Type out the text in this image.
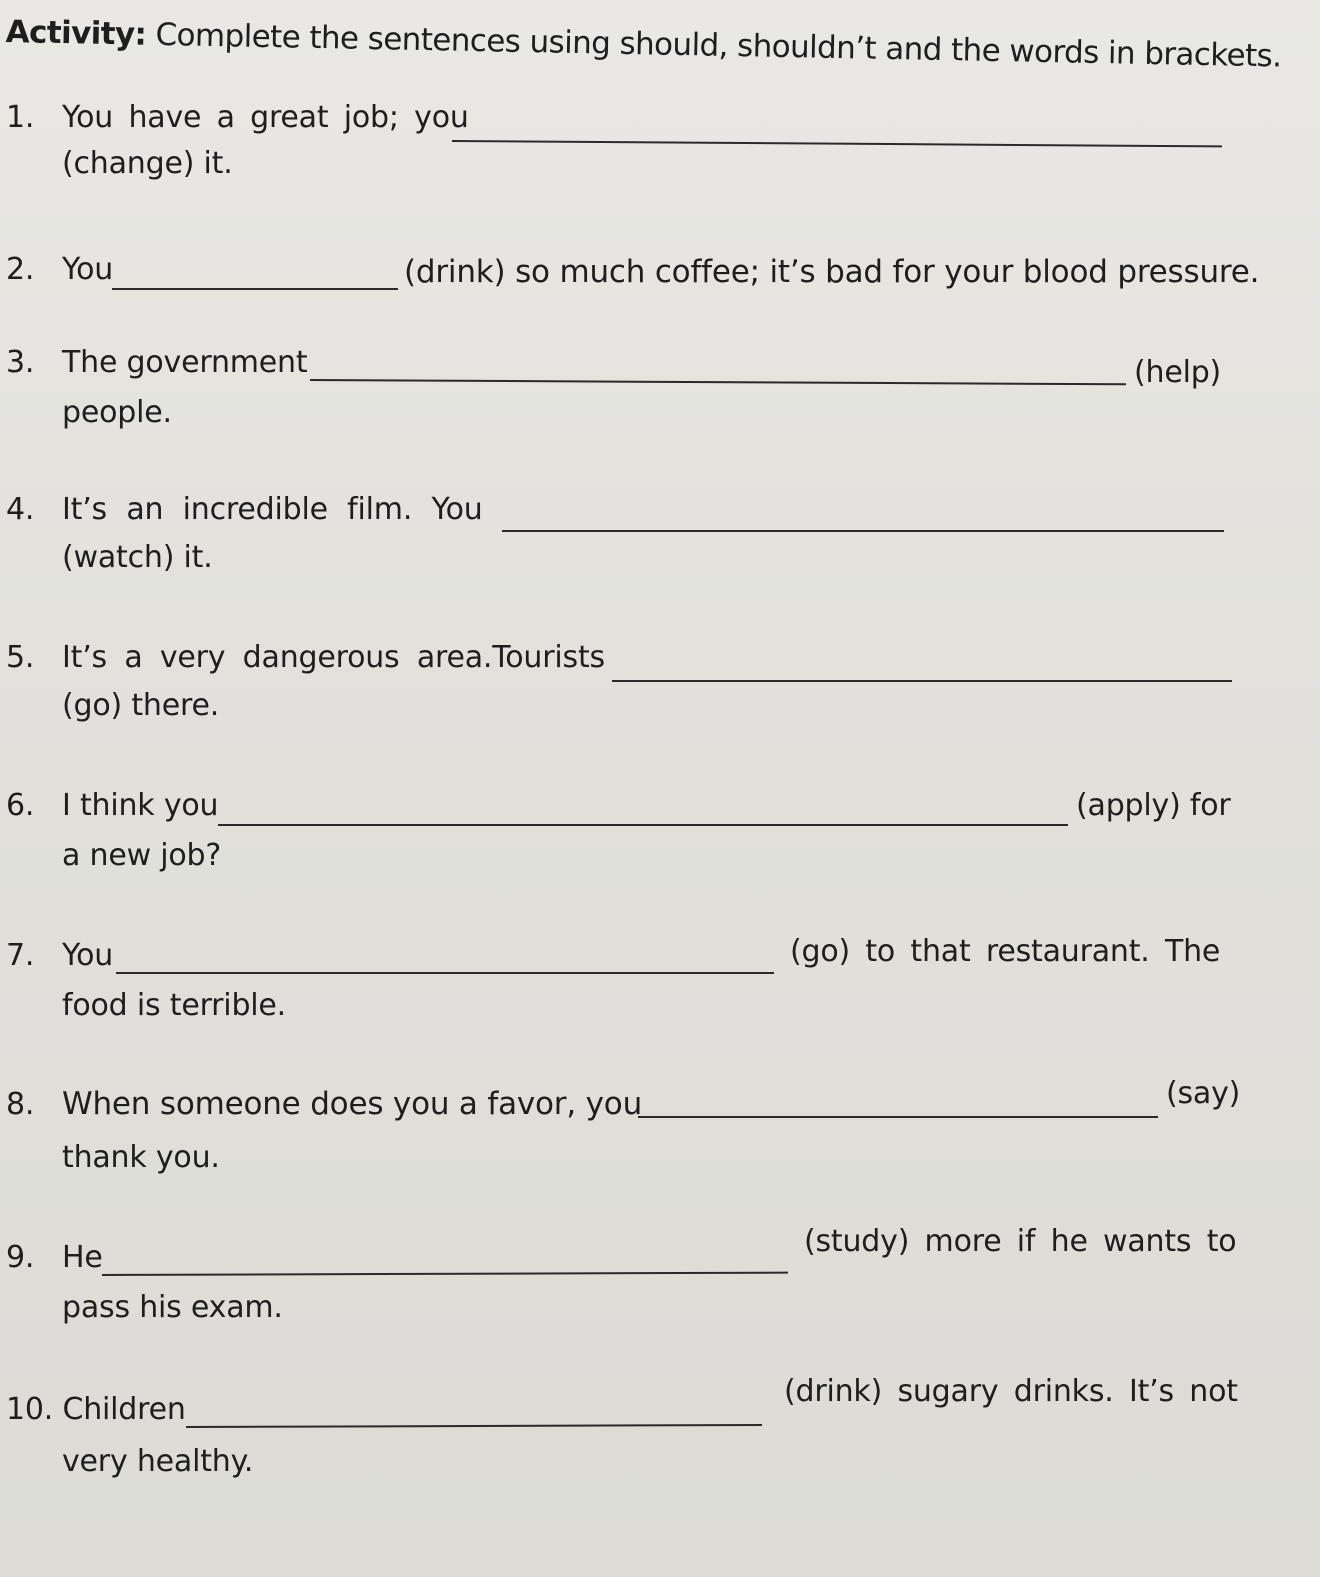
Activity: Complete the sentences using should, shouldn’t and the words in brackets.
1. You have a great job; you
(change) it.
2. You	(drink) so much coffee; it’s bad for your blood pressure.
3. The government	(help)
people.
4. It’s an incredible film. You
(watch) it.
5. It’s a very dangerous area.Tourists
(go) there.
6. I think you	(apply) for
a new job?
7. You	(go) to that restaurant. The
food is terrible.
8. When someone does you a favor, you	(say)
thank you.
9. He	(study) more if he wants to
pass his exam.
10. Children
(drink) sugary drinks. It’s not
very healthy.
